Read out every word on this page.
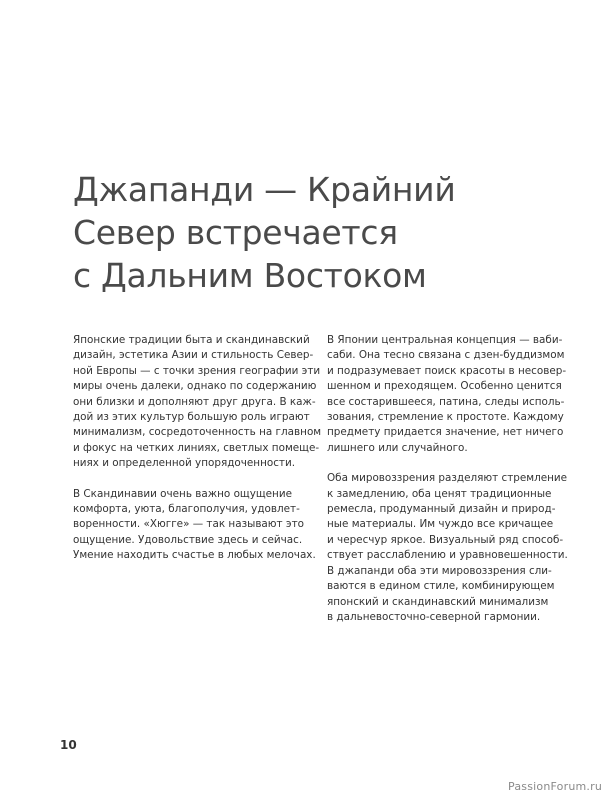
Джапанди — Крайний
Север встречается
с Дальним Востоком

Японские традиции быта и скандинавский
дизайн, эстетика Азии и стильность Север-
ной Европы — с точки зрения географии эти
миры очень далеки, однако по содержанию
они близки и дополняют друг друга. В каж-
дой из этих культур большую роль играют
минимализм, сосредоточенность на главном
и фокус на четких линиях, светлых помеще-
ниях и определенной упорядоченности.

В Скандинавии очень важно ощущение
комфорта, уюта, благополучия, удовлет-
воренности. «Хюгге» — так называют это
ощущение. Удовольствие здесь и сейчас.
Умение находить счастье в любых мелочах.

В Японии центральная концепция — ваби-
саби. Она тесно связана с дзен-буддизмом
и подразумевает поиск красоты в несовер-
шенном и преходящем. Особенно ценится
все состарившееся, патина, следы исполь-
зования, стремление к простоте. Каждому
предмету придается значение, нет ничего
лишнего или случайного.

Оба мировоззрения разделяют стремление
к замедлению, оба ценят традиционные
ремесла, продуманный дизайн и природ-
ные материалы. Им чуждо все кричащее
и чересчур яркое. Визуальный ряд способ-
ствует расслаблению и уравновешенности.
В джапанди оба эти мировоззрения сли-
ваются в едином стиле, комбинирующем
японский и скандинавский минимализм
в дальневосточно-северной гармонии.

10
PassionForum.ru
